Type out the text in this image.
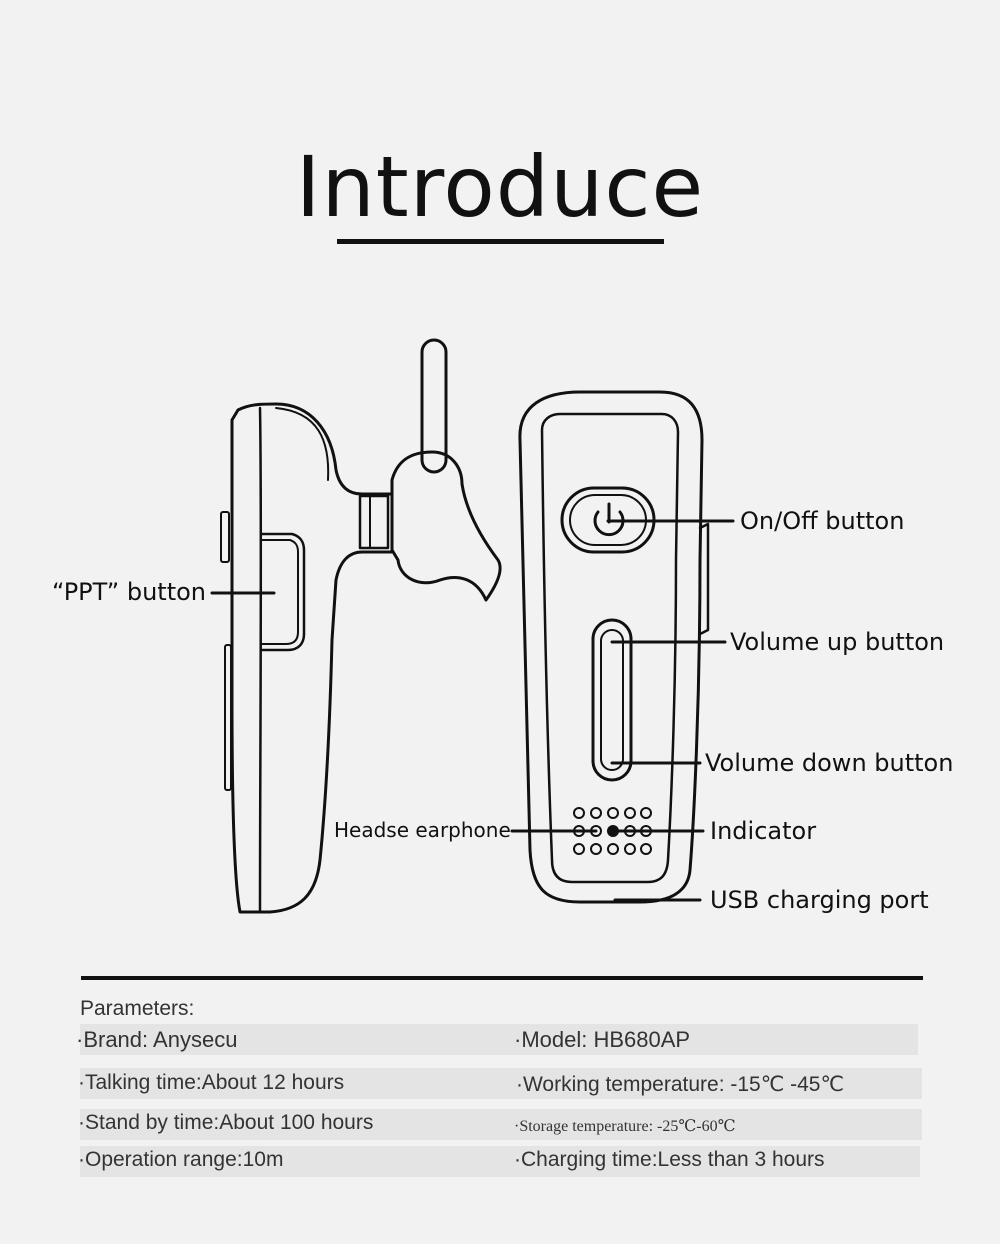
Introduce
“PPT” button
On/Off button
Volume up button
Volume down button
Headse earphone	Indicator
USB charging port
Parameters:
·Brand: Anysecu	·Model: HB680AP
·Talking time:About 12 hours	·Working temperature: -15℃ -45℃
·Stand by time:About 100 hours	·Storage temperature: -25℃-60℃
·Operation range:10m	·Charging time:Less than 3 hours
